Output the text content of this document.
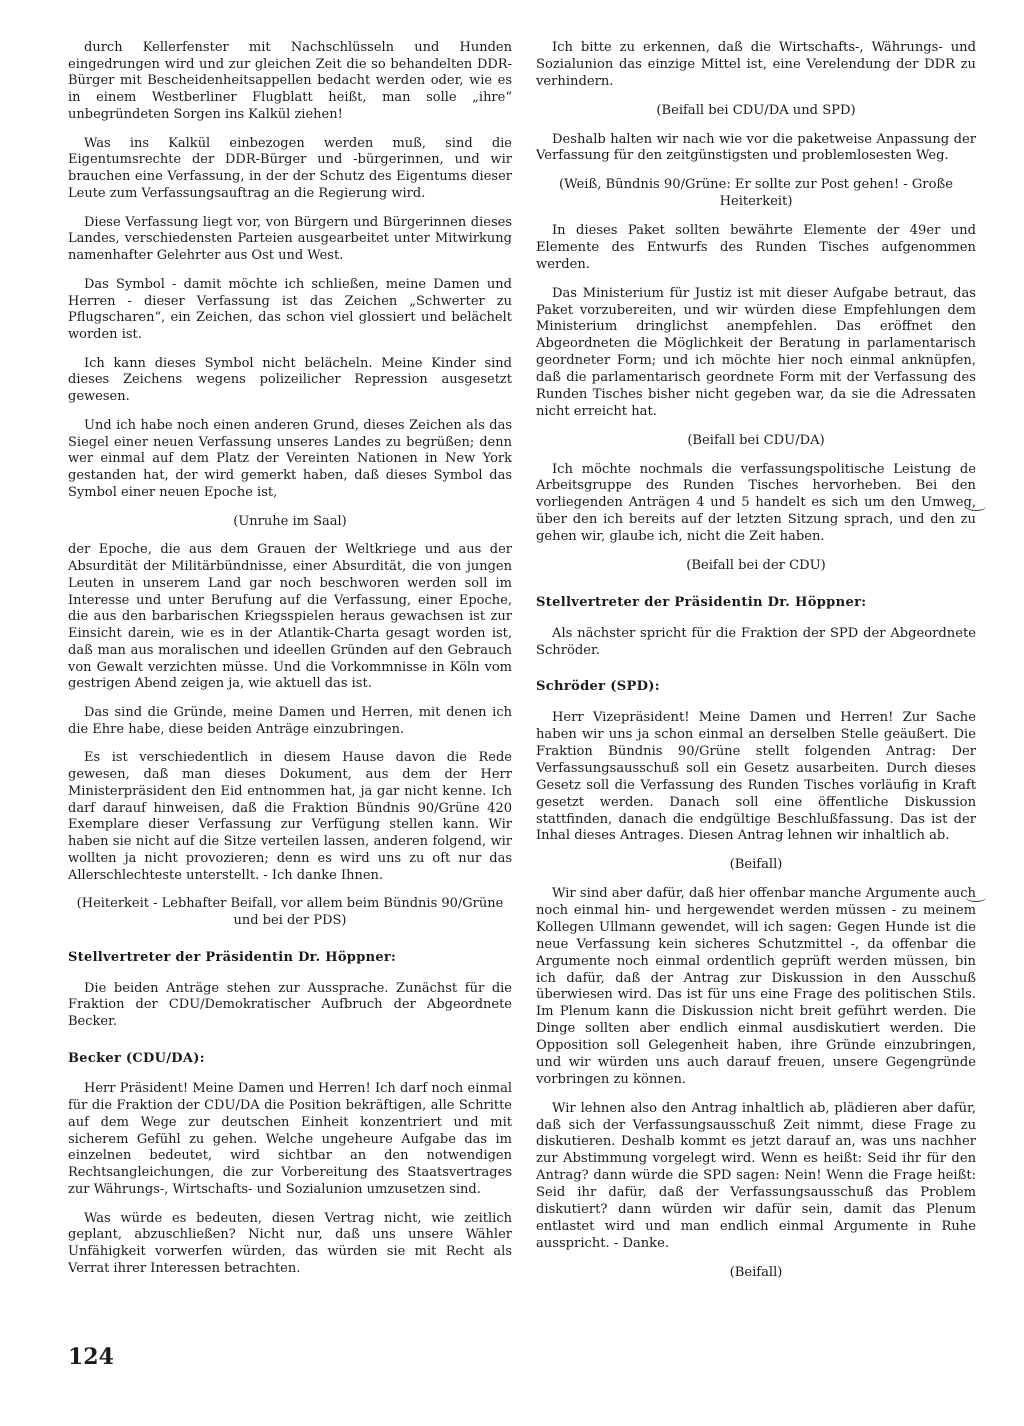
durch Kellerfenster mit Nachschlüsseln und Hunden eingedrungen wird und zur gleichen Zeit die so behandelten DDR-Bürger mit Bescheidenheitsappellen bedacht werden oder, wie es in einem Westberliner Flugblatt heißt, man solle „ihre“ unbegründeten Sorgen ins Kalkül ziehen!

Was ins Kalkül einbezogen werden muß, sind die Eigentumsrechte der DDR-Bürger und -bürgerinnen, und wir brauchen eine Verfassung, in der der Schutz des Eigentums dieser Leute zum Verfassungsauftrag an die Regierung wird.

Diese Verfassung liegt vor, von Bürgern und Bürgerinnen dieses Landes, verschiedensten Parteien ausgearbeitet unter Mitwirkung namenhafter Gelehrter aus Ost und West.

Das Symbol - damit möchte ich schließen, meine Damen und Herren - dieser Verfassung ist das Zeichen „Schwerter zu Pflugscharen“, ein Zeichen, das schon viel glossiert und belächelt worden ist.

Ich kann dieses Symbol nicht belächeln. Meine Kinder sind dieses Zeichens wegens polizeilicher Repression ausgesetzt gewesen.

Und ich habe noch einen anderen Grund, dieses Zeichen als das Siegel einer neuen Verfassung unseres Landes zu begrüßen; denn wer einmal auf dem Platz der Vereinten Nationen in New York gestanden hat, der wird gemerkt haben, daß dieses Symbol das Symbol einer neuen Epoche ist,

(Unruhe im Saal)

der Epoche, die aus dem Grauen der Weltkriege und aus der Absurdität der Militärbündnisse, einer Absurdität, die von jungen Leuten in unserem Land gar noch beschworen werden soll im Interesse und unter Berufung auf die Verfassung, einer Epoche, die aus den barbarischen Kriegsspielen heraus gewachsen ist zur Einsicht darein, wie es in der Atlantik-Charta gesagt worden ist, daß man aus moralischen und ideellen Gründen auf den Gebrauch von Gewalt verzichten müsse. Und die Vorkommnisse in Köln vom gestrigen Abend zeigen ja, wie aktuell das ist.

Das sind die Gründe, meine Damen und Herren, mit denen ich die Ehre habe, diese beiden Anträge einzubringen.

Es ist verschiedentlich in diesem Hause davon die Rede gewesen, daß man dieses Dokument, aus dem der Herr Ministerpräsident den Eid entnommen hat, ja gar nicht kenne. Ich darf darauf hinweisen, daß die Fraktion Bündnis 90/Grüne 420 Exemplare dieser Verfassung zur Verfügung stellen kann. Wir haben sie nicht auf die Sitze verteilen lassen, anderen folgend, wir wollten ja nicht provozieren; denn es wird uns zu oft nur das Allerschlechteste unterstellt. - Ich danke Ihnen.

(Heiterkeit - Lebhafter Beifall, vor allem beim Bündnis 90/Grüne und bei der PDS)

Stellvertreter der Präsidentin Dr. Höppner:

Die beiden Anträge stehen zur Aussprache. Zunächst für die Fraktion der CDU/Demokratischer Aufbruch der Abgeordnete Becker.

Becker (CDU/DA):

Herr Präsident! Meine Damen und Herren! Ich darf noch einmal für die Fraktion der CDU/DA die Position bekräftigen, alle Schritte auf dem Wege zur deutschen Einheit konzentriert und mit sicherem Gefühl zu gehen. Welche ungeheure Aufgabe das im einzelnen bedeutet, wird sichtbar an den notwendigen Rechtsangleichungen, die zur Vorbereitung des Staatsvertrages zur Währungs-, Wirtschafts- und Sozialunion umzusetzen sind.

Was würde es bedeuten, diesen Vertrag nicht, wie zeitlich geplant, abzuschließen? Nicht nur, daß uns unsere Wähler Unfähigkeit vorwerfen würden, das würden sie mit Recht als Verrat ihrer Interessen betrachten.

Ich bitte zu erkennen, daß die Wirtschafts-, Währungs- und Sozialunion das einzige Mittel ist, eine Verelendung der DDR zu verhindern.

(Beifall bei CDU/DA und SPD)

Deshalb halten wir nach wie vor die paketweise Anpassung der Verfassung für den zeitgünstigsten und problemlosesten Weg.

(Weiß, Bündnis 90/Grüne: Er sollte zur Post gehen! - Große Heiterkeit)

In dieses Paket sollten bewährte Elemente der 49er und Elemente des Entwurfs des Runden Tisches aufgenommen werden.

Das Ministerium für Justiz ist mit dieser Aufgabe betraut, das Paket vorzubereiten, und wir würden diese Empfehlungen dem Ministerium dringlichst anempfehlen. Das eröffnet den Abgeordneten die Möglichkeit der Beratung in parlamentarisch geordneter Form; und ich möchte hier noch einmal anknüpfen, daß die parlamentarisch geordnete Form mit der Verfassung des Runden Tisches bisher nicht gegeben war, da sie die Adressaten nicht erreicht hat.

(Beifall bei CDU/DA)

Ich möchte nochmals die verfassungspolitische Leistung de Arbeitsgruppe des Runden Tisches hervorheben. Bei den vorliegenden Anträgen 4 und 5 handelt es sich um den Umweg, über den ich bereits auf der letzten Sitzung sprach, und den zu gehen wir, glaube ich, nicht die Zeit haben.

(Beifall bei der CDU)

Stellvertreter der Präsidentin Dr. Höppner:

Als nächster spricht für die Fraktion der SPD der Abgeordnete Schröder.

Schröder (SPD):

Herr Vizepräsident! Meine Damen und Herren! Zur Sache haben wir uns ja schon einmal an derselben Stelle geäußert. Die Fraktion Bündnis 90/Grüne stellt folgenden Antrag: Der Verfassungsausschuß soll ein Gesetz ausarbeiten. Durch dieses Gesetz soll die Verfassung des Runden Tisches vorläufig in Kraft gesetzt werden. Danach soll eine öffentliche Diskussion stattfinden, danach die endgültige Beschlußfassung. Das ist der Inhal dieses Antrages. Diesen Antrag lehnen wir inhaltlich ab.

(Beifall)

Wir sind aber dafür, daß hier offenbar manche Argumente auch noch einmal hin- und hergewendet werden müssen - zu meinem Kollegen Ullmann gewendet, will ich sagen: Gegen Hunde ist die neue Verfassung kein sicheres Schutzmittel -, da offenbar die Argumente noch einmal ordentlich geprüft werden müssen, bin ich dafür, daß der Antrag zur Diskussion in den Ausschuß überwiesen wird. Das ist für uns eine Frage des politischen Stils. Im Plenum kann die Diskussion nicht breit geführt werden. Die Dinge sollten aber endlich einmal ausdiskutiert werden. Die Opposition soll Gelegenheit haben, ihre Gründe einzubringen, und wir würden uns auch darauf freuen, unsere Gegengründe vorbringen zu können.

Wir lehnen also den Antrag inhaltlich ab, plädieren aber dafür, daß sich der Verfassungsausschuß Zeit nimmt, diese Frage zu diskutieren. Deshalb kommt es jetzt darauf an, was uns nachher zur Abstimmung vorgelegt wird. Wenn es heißt: Seid ihr für den Antrag? dann würde die SPD sagen: Nein! Wenn die Frage heißt: Seid ihr dafür, daß der Verfassungsausschuß das Problem diskutiert? dann würden wir dafür sein, damit das Plenum entlastet wird und man endlich einmal Argumente in Ruhe ausspricht. - Danke.

(Beifall)

124
